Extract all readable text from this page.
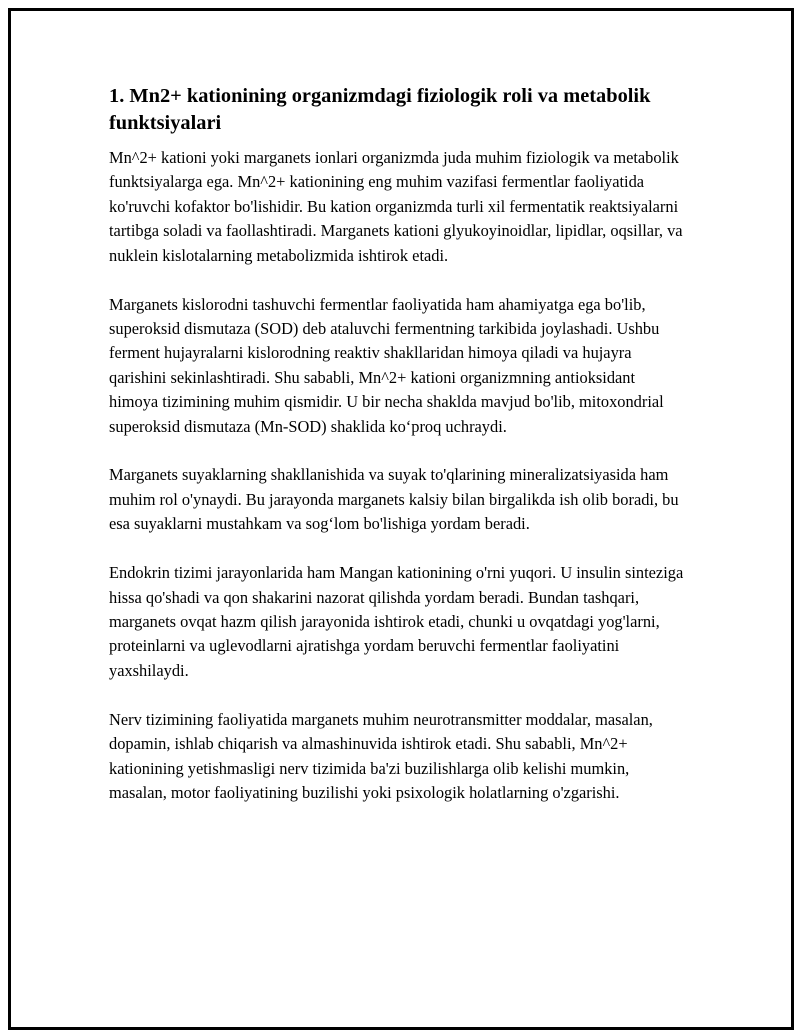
1. Mn2+ kationining organizmdagi fiziologik roli va metabolik funktsiyalari

Mn^2+ kationi yoki marganets ionlari organizmda juda muhim fiziologik va metabolik funktsiyalarga ega. Mn^2+ kationining eng muhim vazifasi fermentlar faoliyatida ko'ruvchi kofaktor bo'lishidir. Bu kation organizmda turli xil fermentatik reaktsiyalarni tartibga soladi va faollashtiradi. Marganets kationi glyukoyinoidlar, lipidlar, oqsillar, va nuklein kislotalarning metabolizmida ishtirok etadi.

Marganets kislorodni tashuvchi fermentlar faoliyatida ham ahamiyatga ega bo'lib, superoksid dismutaza (SOD) deb ataluvchi fermentning tarkibida joylashadi. Ushbu ferment hujayralarni kislorodning reaktiv shakllaridan himoya qiladi va hujayra qarishini sekinlashtiradi. Shu sababli, Mn^2+ kationi organizmning antioksidant himoya tizimining muhim qismidir. U bir necha shaklda mavjud bo'lib, mitoxondrial superoksid dismutaza (Mn-SOD) shaklida ko‘proq uchraydi.

Marganets suyaklarning shakllanishida va suyak to'qlarining mineralizatsiyasida ham muhim rol o'ynaydi. Bu jarayonda marganets kalsiy bilan birgalikda ish olib boradi, bu esa suyaklarni mustahkam va sog‘lom bo'lishiga yordam beradi.

Endokrin tizimi jarayonlarida ham Mangan kationining o'rni yuqori. U insulin sinteziga hissa qo'shadi va qon shakarini nazorat qilishda yordam beradi. Bundan tashqari, marganets ovqat hazm qilish jarayonida ishtirok etadi, chunki u ovqatdagi yog'larni, proteinlarni va uglevodlarni ajratishga yordam beruvchi fermentlar faoliyatini yaxshilaydi.

Nerv tizimining faoliyatida marganets muhim neurotransmitter moddalar, masalan, dopamin, ishlab chiqarish va almashinuvida ishtirok etadi. Shu sababli, Mn^2+ kationining yetishmasligi nerv tizimida ba'zi buzilishlarga olib kelishi mumkin, masalan, motor faoliyatining buzilishi yoki psixologik holatlarning o'zgarishi.
